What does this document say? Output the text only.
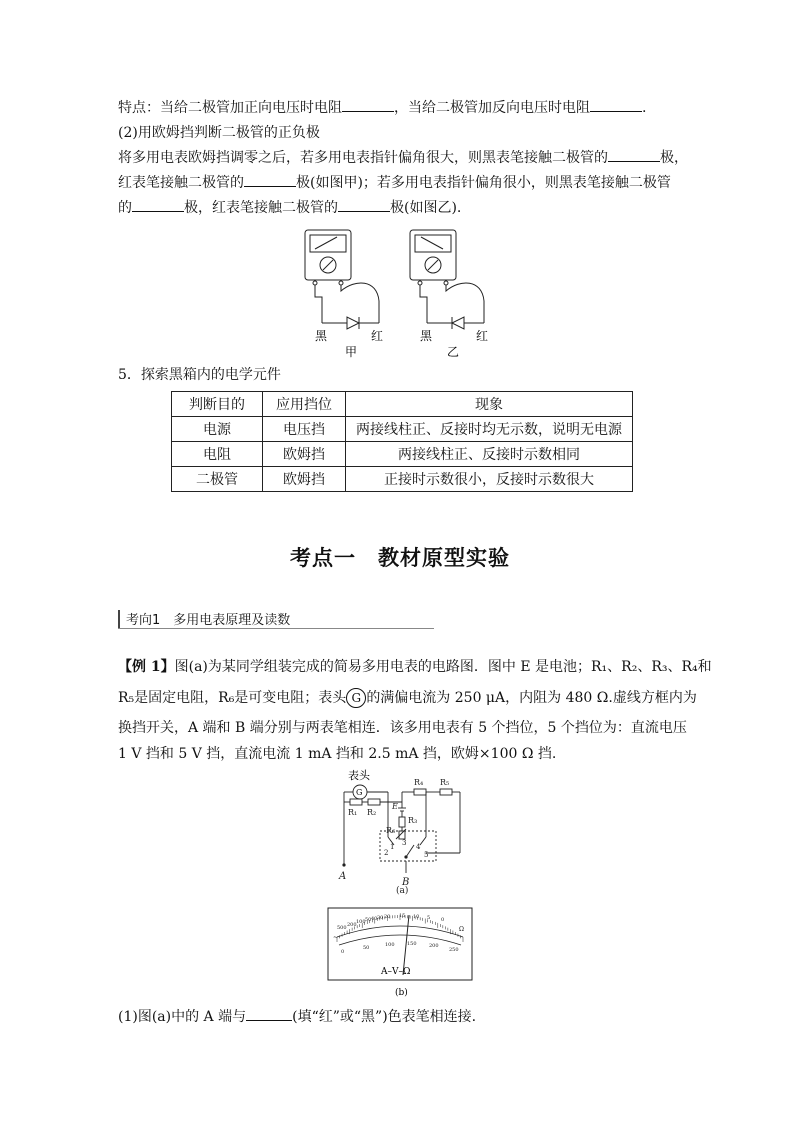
特点：当给二极管加正向电压时电阻	，当给二极管加反向电压时电阻	.
(2)用欧姆挡判断二极管的正负极
将多用电表欧姆挡调零之后，若多用电表指针偏角很大，则黑表笔接触二极管的	极，
红表笔接触二极管的	极(如图甲)；若多用电表指针偏角很小，则黑表笔接触二极管
的	极，红表笔接触二极管的	极(如图乙).
黑	红
甲
黑	红
乙
5．探索黑箱内的电学元件
判断目的	应用挡位	现象
电源	电压挡	两接线柱正、反接时均无示数，说明无电源
电阻	欧姆挡	两接线柱正、反接时示数相同
二极管	欧姆挡	正接时示数很小，反接时示数很大
考点一　教材原型实验
考向1　多用电表原理及读数
【例 1】图(a)为某同学组装完成的简易多用电表的电路图．图中 E 是电池；R₁、R₂、R₃、R₄和
R₅是固定电阻，R₆是可变电阻；表头 G 的满偏电流为 250 μA，内阻为 480 Ω.虚线方框内为
换挡开关，A 端和 B 端分别与两表笔相连．该多用电表有 5 个挡位，5 个挡位为：直流电压
1 V 挡和 5 V 挡，直流电流 1 mA 挡和 2.5 mA 挡，欧姆×100 Ω 挡.
表头
R₁ R₂
E
R₃
R₄ R₅
R₆
1
2
3 4
5
A
B
(a)
G
500 200 100 50 40 30 20 15 10 5 0
Ω
~
0
50	100 150 200
250
A–V–Ω
(b)
(1)图(a)中的 A 端与	(填“红”或“黑”)色表笔相连接.
